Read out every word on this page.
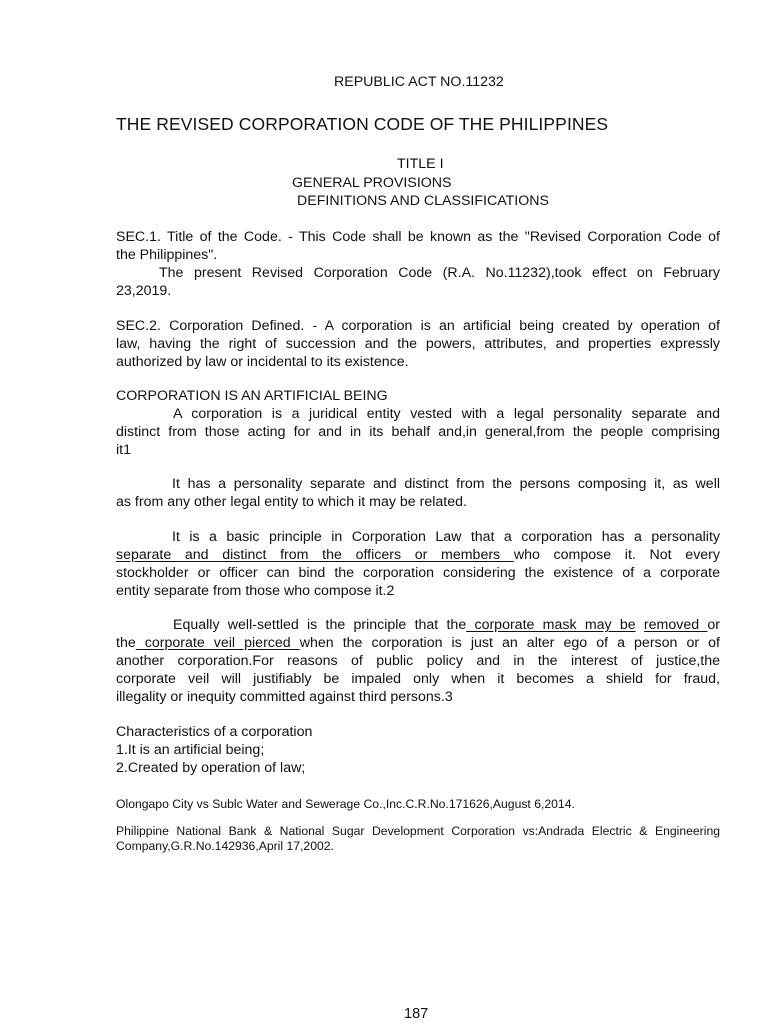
REPUBLIC ACT NO.11232
THE REVISED CORPORATION CODE OF THE PHILIPPINES
TITLE I
GENERAL PROVISIONS
DEFINITIONS AND CLASSIFICATIONS
SEC.1. Title of the Code. - This Code shall be known as the "Revised Corporation Code of
the Philippines".
The present Revised Corporation Code (R.A. No.11232),took effect on February
23,2019.
SEC.2. Corporation Defined. - A corporation is an artificial being created by operation of
law, having the right of succession and the powers, attributes, and properties expressly
authorized by law or incidental to its existence.
CORPORATION IS AN ARTIFICIAL BEING
A corporation is a juridical entity vested with a legal personality separate and
distinct from those acting for and in its behalf and,in general,from the people comprising
it1
It has a personality separate and distinct from the persons composing it, as well
as from any other legal entity to which it may be related.
It is a basic principle in Corporation Law that a corporation has a personality
separate and distinct from the officers or members who compose it. Not every
stockholder or officer can bind the corporation considering the existence of a corporate
entity separate from those who compose it.2
Equally well-settled is the principle that the corporate mask may be removed or
the corporate veil pierced when the corporation is just an alter ego of a person or of
another corporation.For reasons of public policy and in the interest of justice,the
corporate veil will justifiably be impaled only when it becomes a shield for fraud,
illegality or inequity committed against third persons.3
Characteristics of a corporation
1.It is an artificial being;
2.Created by operation of law;
Olongapo City vs Sublc Water and Sewerage Co.,Inc.C.R.No.171626,August 6,2014.
Philippine National Bank & National Sugar Development Corporation vs:Andrada Electric & Engineering
Company,G.R.No.142936,April 17,2002.
187
